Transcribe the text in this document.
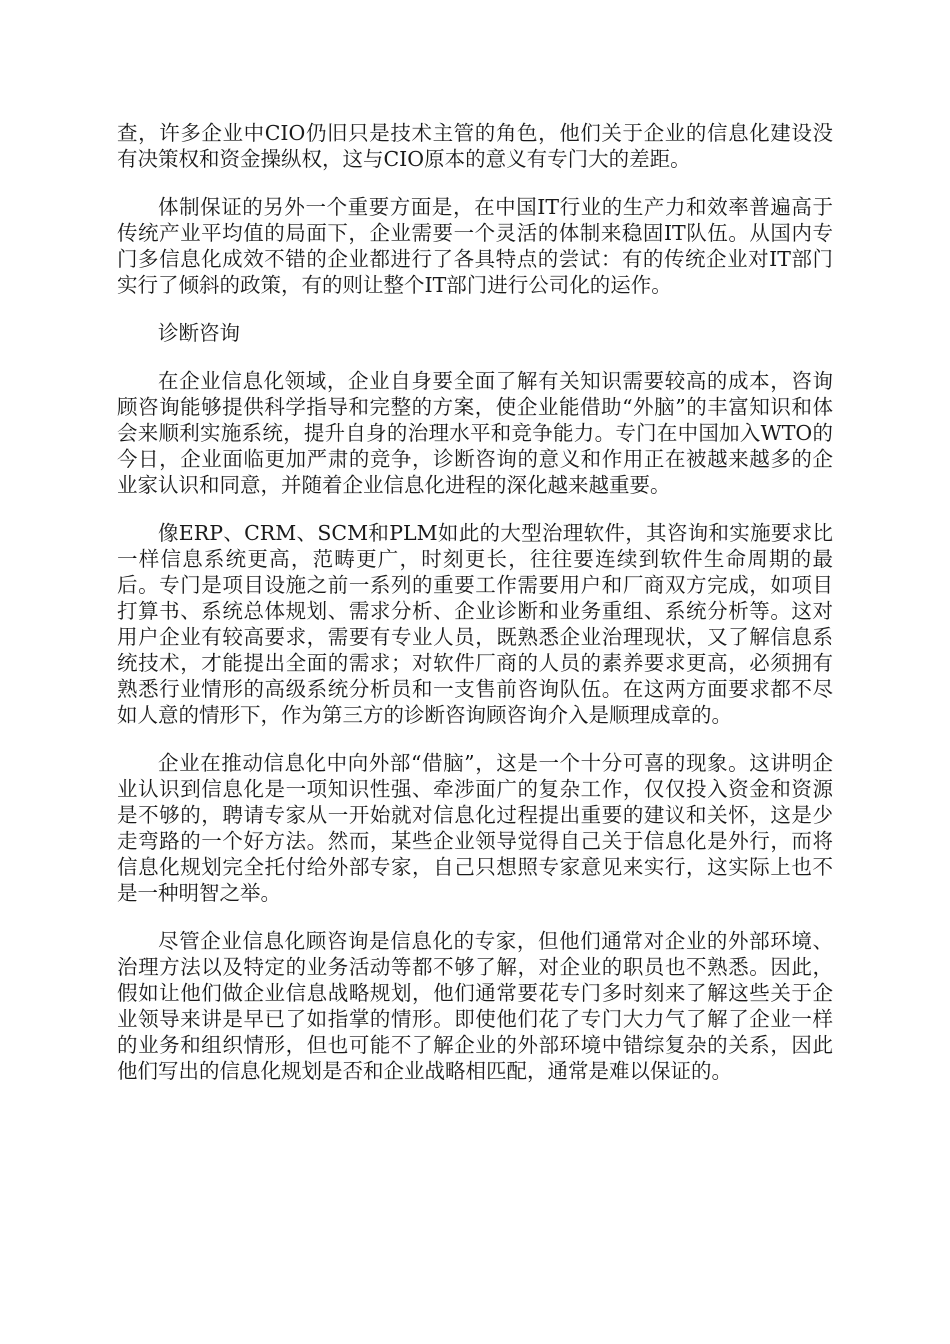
查，许多企业中CIO仍旧只是技术主管的角色，他们关于企业的信息化建设没有决策权和资金操纵权，这与CIO原本的意义有专门大的差距。

体制保证的另外一个重要方面是，在中国IT行业的生产力和效率普遍高于传统产业平均值的局面下，企业需要一个灵活的体制来稳固IT队伍。从国内专门多信息化成效不错的企业都进行了各具特点的尝试：有的传统企业对IT部门实行了倾斜的政策，有的则让整个IT部门进行公司化的运作。

诊断咨询

在企业信息化领域，企业自身要全面了解有关知识需要较高的成本，咨询顾咨询能够提供科学指导和完整的方案，使企业能借助“外脑”的丰富知识和体会来顺利实施系统，提升自身的治理水平和竞争能力。专门在中国加入WTO的今日，企业面临更加严肃的竞争，诊断咨询的意义和作用正在被越来越多的企业家认识和同意，并随着企业信息化进程的深化越来越重要。

像ERP、CRM、SCM和PLM如此的大型治理软件，其咨询和实施要求比一样信息系统更高，范畴更广，时刻更长，往往要连续到软件生命周期的最后。专门是项目设施之前一系列的重要工作需要用户和厂商双方完成，如项目打算书、系统总体规划、需求分析、企业诊断和业务重组、系统分析等。这对用户企业有较高要求，需要有专业人员，既熟悉企业治理现状，又了解信息系统技术，才能提出全面的需求；对软件厂商的人员的素养要求更高，必须拥有熟悉行业情形的高级系统分析员和一支售前咨询队伍。在这两方面要求都不尽如人意的情形下，作为第三方的诊断咨询顾咨询介入是顺理成章的。

企业在推动信息化中向外部“借脑”，这是一个十分可喜的现象。这讲明企业认识到信息化是一项知识性强、牵涉面广的复杂工作，仅仅投入资金和资源是不够的，聘请专家从一开始就对信息化过程提出重要的建议和关怀，这是少走弯路的一个好方法。然而，某些企业领导觉得自己关于信息化是外行，而将信息化规划完全托付给外部专家，自己只想照专家意见来实行，这实际上也不是一种明智之举。

尽管企业信息化顾咨询是信息化的专家，但他们通常对企业的外部环境、治理方法以及特定的业务活动等都不够了解，对企业的职员也不熟悉。因此，假如让他们做企业信息战略规划，他们通常要花专门多时刻来了解这些关于企业领导来讲是早已了如指掌的情形。即使他们花了专门大力气了解了企业一样的业务和组织情形，但也可能不了解企业的外部环境中错综复杂的关系，因此他们写出的信息化规划是否和企业战略相匹配，通常是难以保证的。
